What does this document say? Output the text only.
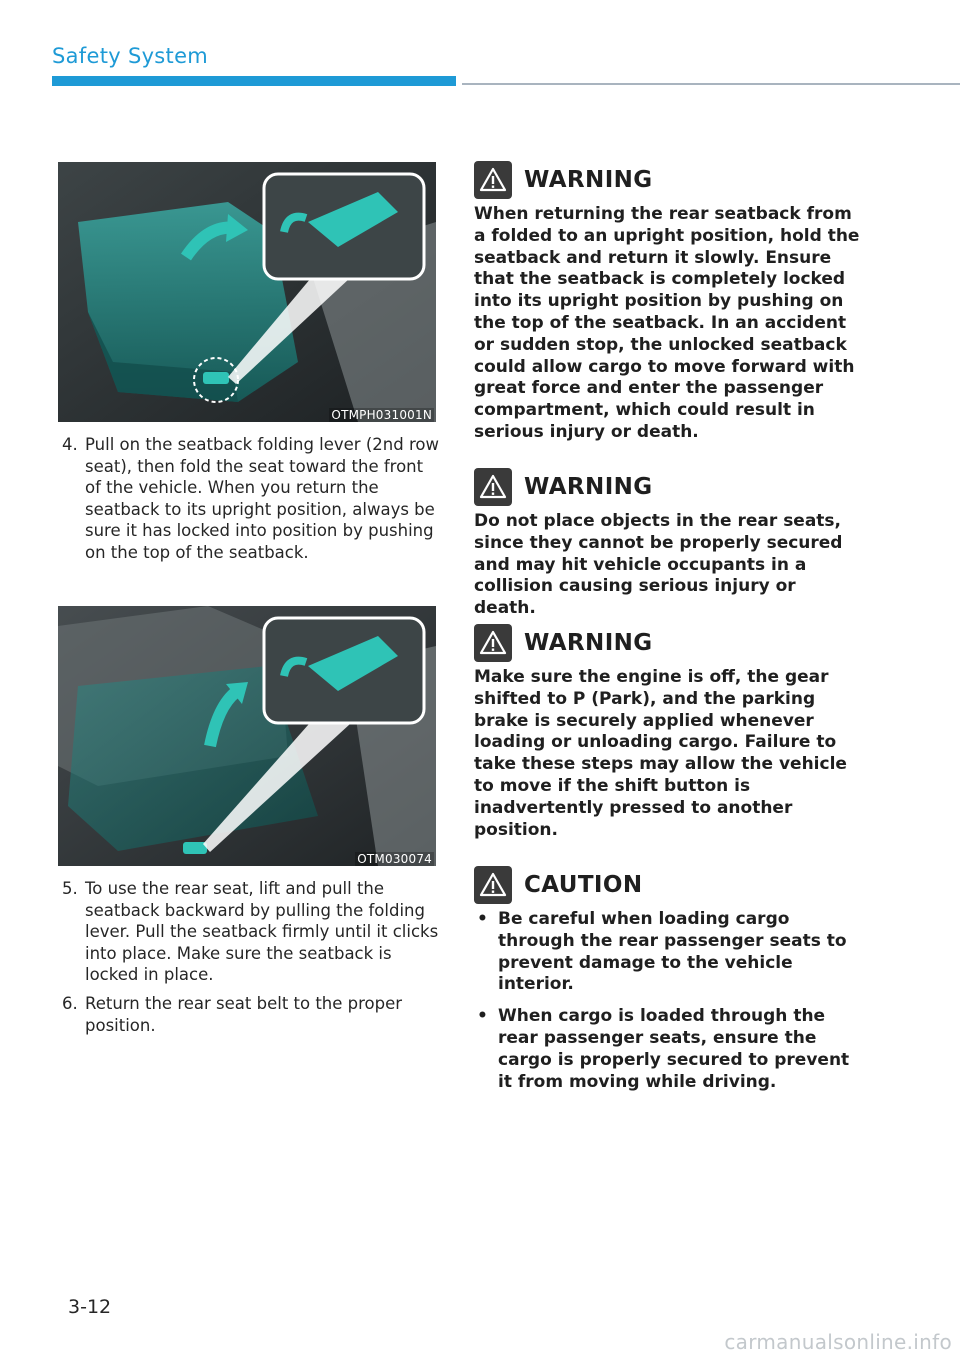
Safety System
OTMPH031001N
4. Pull on the seatback folding lever (2nd row seat), then fold the seat toward the front of the vehicle. When you return the seatback to its upright position, always be sure it has locked into position by pushing on the top of the seatback.
OTM030074
5. To use the rear seat, lift and pull the seatback backward by pulling the folding lever. Pull the seatback firmly until it clicks into place. Make sure the seatback is locked in place.
6. Return the rear seat belt to the proper position.
WARNING
When returning the rear seatback from a folded to an upright position, hold the seatback and return it slowly. Ensure that the seatback is completely locked into its upright position by pushing on the top of the seatback. In an accident or sudden stop, the unlocked seatback could allow cargo to move forward with great force and enter the passenger compartment, which could result in serious injury or death.
WARNING
Do not place objects in the rear seats, since they cannot be properly secured and may hit vehicle occupants in a collision causing serious injury or death.
WARNING
Make sure the engine is off, the gear shifted to P (Park), and the parking brake is securely applied whenever loading or unloading cargo. Failure to take these steps may allow the vehicle to move if the shift button is inadvertently pressed to another position.
CAUTION
• Be careful when loading cargo through the rear passenger seats to prevent damage to the vehicle interior.
• When cargo is loaded through the rear passenger seats, ensure the cargo is properly secured to prevent it from moving while driving.
3-12
carmanualsonline.info
